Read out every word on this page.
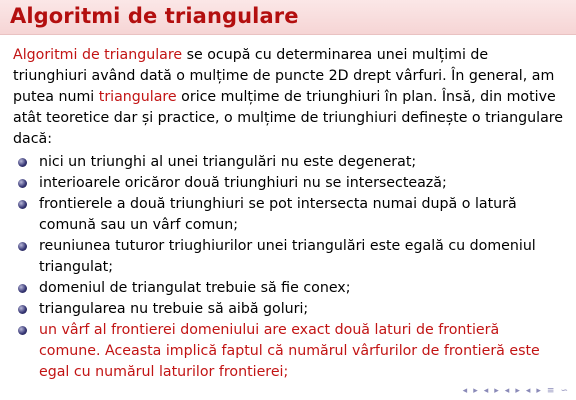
Algoritmi de triangulare

Algoritmi de triangulare se ocupă cu determinarea unei mulțimi de triunghiuri având dată o mulțime de puncte 2D drept vârfuri. În general, am putea numi triangulare orice mulțime de triunghiuri în plan. Însă, din motive atât teoretice dar și practice, o mulțime de triunghiuri definește o triangulare dacă:

nici un triunghi al unei triangulări nu este degenerat;
interioarele oricăror două triunghiuri nu se intersectează;
frontierele a două triunghiuri se pot intersecta numai după o latură comună sau un vârf comun;
reuniunea tuturor triughiurilor unei triangulări este egală cu domeniul triangulat;
domeniul de triangulat trebuie să fie conex;
triangularea nu trebuie să aibă goluri;
un vârf al frontierei domeniului are exact două laturi de frontieră comune. Aceasta implică faptul că numărul vârfurilor de frontieră este egal cu numărul laturilor frontierei;
◂ ▸ ◂ ▸ ◂ ▸ ◂ ▸ ≡ ∽
